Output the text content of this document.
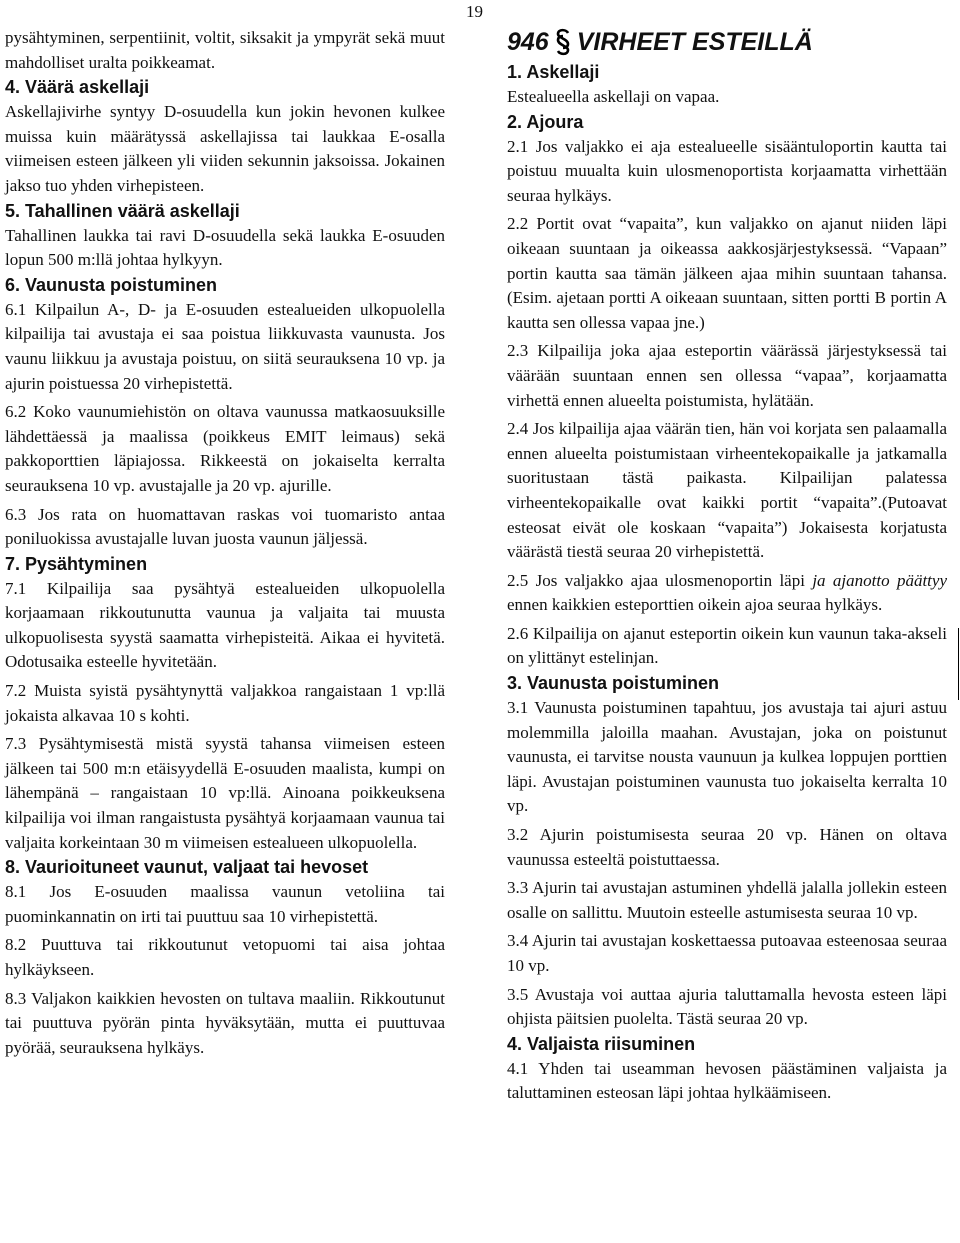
19

pysähtyminen, serpentiinit, voltit, siksakit ja ympyrät sekä muut mahdolliset uralta poikkeamat.

4. Väärä askellaji

Askellajivirhe syntyy D-osuudella kun jokin hevonen kulkee muissa kuin määrätyssä askellajissa tai laukkaa E-osalla viimeisen esteen jälkeen yli viiden sekunnin jaksoissa. Jokainen jakso tuo yhden virhepisteen.

5. Tahallinen väärä askellaji

Tahallinen laukka tai ravi D-osuudella sekä laukka E-osuuden lopun 500 m:llä johtaa hylkyyn.

6. Vaunusta poistuminen

6.1 Kilpailun A-, D- ja E-osuuden estealueiden ulkopuolella kilpailija tai avustaja ei saa poistua liikkuvasta vaunusta. Jos vaunu liikkuu ja avustaja poistuu, on siitä seurauksena 10 vp. ja ajurin poistuessa 20 virhepistettä.

6.2 Koko vaunumiehistön on oltava vaunussa matkaosuuksille lähdettäessä ja maalissa (poikkeus EMIT leimaus) sekä pakkoporttien läpiajossa. Rikkeestä on jokaiselta kerralta seurauksena 10 vp. avustajalle ja 20 vp. ajurille.

6.3 Jos rata on huomattavan raskas voi tuomaristo antaa poniluokissa avustajalle luvan juosta vaunun jäljessä.

7. Pysähtyminen

7.1 Kilpailija saa pysähtyä estealueiden ulkopuolella korjaamaan rikkoutunutta vaunua ja valjaita tai muusta ulkopuolisesta syystä saamatta virhepisteitä. Aikaa ei hyvitetä. Odotusaika esteelle hyvitetään.

7.2 Muista syistä pysähtynyttä valjakkoa rangaistaan 1 vp:llä jokaista alkavaa 10 s kohti.

7.3 Pysähtymisestä mistä syystä tahansa viimeisen esteen jälkeen tai 500 m:n etäisyydellä E-osuuden maalista, kumpi on lähempänä – rangaistaan 10 vp:llä. Ainoana poikkeuksena kilpailija voi ilman rangaistusta pysähtyä korjaamaan vaunua tai valjaita korkeintaan 30 m viimeisen estealueen ulkopuolella.

8. Vaurioituneet vaunut, valjaat tai hevoset

8.1 Jos E-osuuden maalissa vaunun vetoliina tai puominkannatin on irti tai puuttuu saa 10 virhepistettä.

8.2 Puuttuva tai rikkoutunut vetopuomi tai aisa johtaa hylkäykseen.

8.3 Valjakon kaikkien hevosten on tultava maaliin. Rikkoutunut tai puuttuva pyörän pinta hyväksytään, mutta ei puuttuvaa pyörää, seurauksena hylkäys.

946 VIRHEET ESTEILLÄ

1. Askellaji

Estealueella askellaji on vapaa.

2. Ajoura

2.1 Jos valjakko ei aja estealueelle sisääntuloportin kautta tai poistuu muualta kuin ulosmenoportista korjaamatta virhettään seuraa hylkäys.

2.2 Portit ovat “vapaita”, kun valjakko on ajanut niiden läpi oikeaan suuntaan ja oikeassa aakkosjärjestyksessä. “Vapaan” portin kautta saa tämän jälkeen ajaa mihin suuntaan tahansa. (Esim. ajetaan portti A oikeaan suuntaan, sitten portti B portin A kautta sen ollessa vapaa jne.)

2.3 Kilpailija joka ajaa esteportin väärässä järjestyksessä tai väärään suuntaan ennen sen ollessa “vapaa”, korjaamatta virhettä ennen alueelta poistumista, hylätään.

2.4 Jos kilpailija ajaa väärän tien, hän voi korjata sen palaamalla ennen alueelta poistumistaan virheentekopaikalle ja jatkamalla suoritustaan tästä paikasta. Kilpailijan palatessa virheentekopaikalle ovat kaikki portit “vapaita”.(Putoavat esteosat eivät ole koskaan “vapaita”) Jokaisesta korjatusta väärästä tiestä seuraa 20 virhepistettä.

2.5 Jos valjakko ajaa ulosmenoportin läpi ja ajanotto päättyy ennen kaikkien esteporttien oikein ajoa seuraa hylkäys.

2.6 Kilpailija on ajanut esteportin oikein kun vaunun taka-akseli on ylittänyt estelinjan.

3. Vaunusta poistuminen

3.1 Vaunusta poistuminen tapahtuu, jos avustaja tai ajuri astuu molemmilla jaloilla maahan. Avustajan, joka on poistunut vaunusta, ei tarvitse nousta vaunuun ja kulkea loppujen porttien läpi. Avustajan poistuminen vaunusta tuo jokaiselta kerralta 10 vp.

3.2 Ajurin poistumisesta seuraa 20 vp. Hänen on oltava vaunussa esteeltä poistuttaessa.

3.3 Ajurin tai avustajan astuminen yhdellä jalalla jollekin esteen osalle on sallittu. Muutoin esteelle astumisesta seuraa 10 vp.

3.4 Ajurin tai avustajan koskettaessa putoavaa esteenosaa seuraa 10 vp.

3.5 Avustaja voi auttaa ajuria taluttamalla hevosta esteen läpi ohjista päitsien puolelta. Tästä seuraa 20 vp.

4. Valjaista riisuminen

4.1 Yhden tai useamman hevosen päästäminen valjaista ja taluttaminen esteosan läpi johtaa hylkäämiseen.
